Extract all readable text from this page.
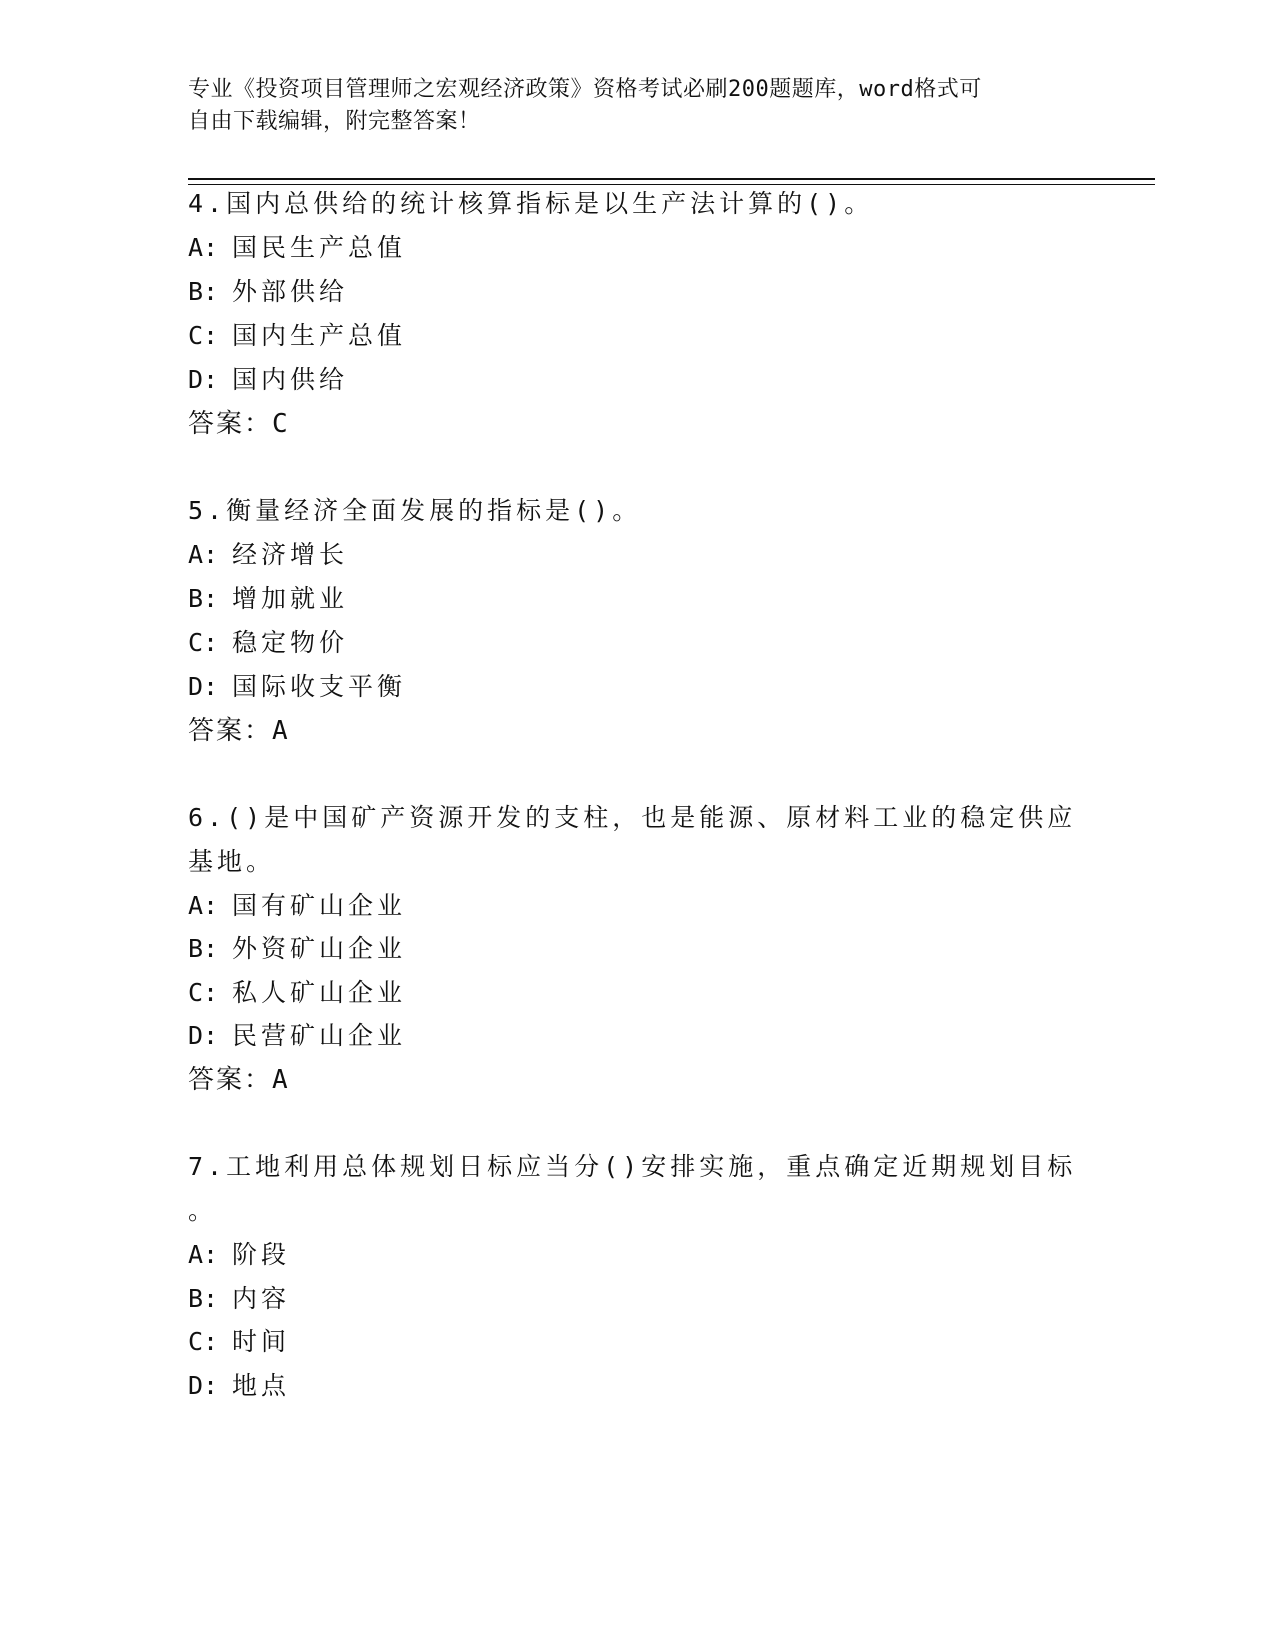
专业《投资项目管理师之宏观经济政策》资格考试必刷200题题库，word格式可
自由下载编辑，附完整答案！
4.国内总供给的统计核算指标是以生产法计算的()。
A: 国民生产总值
B: 外部供给
C: 国内生产总值
D: 国内供给
答案：C
5.衡量经济全面发展的指标是()。
A: 经济增长
B: 增加就业
C: 稳定物价
D: 国际收支平衡
答案：A
6.()是中国矿产资源开发的支柱，也是能源、原材料工业的稳定供应
基地。
A: 国有矿山企业
B: 外资矿山企业
C: 私人矿山企业
D: 民营矿山企业
答案：A
7.工地利用总体规划日标应当分()安排实施，重点确定近期规划目标
。
A: 阶段
B: 内容
C: 时间
D: 地点
